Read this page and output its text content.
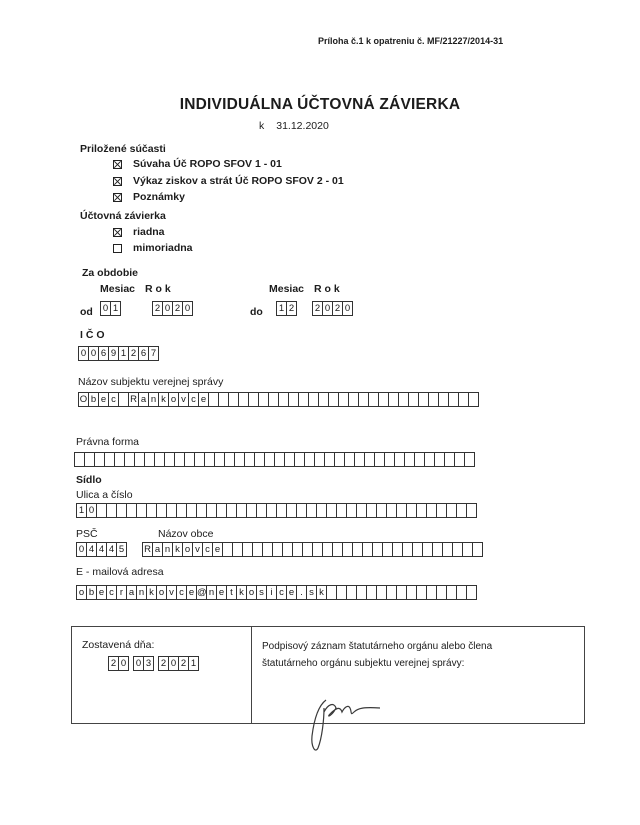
Príloha č.1 k opatreniu č. MF/21227/2014-31
INDIVIDUÁLNA ÚČTOVNÁ ZÁVIERKA
k 31.12.2020
Priložené súčasti
Súvaha Úč ROPO SFOV 1 - 01
Výkaz ziskov a strát Úč ROPO SFOV 2 - 01
Poznámky
Účtovná závierka
riadna
mimoriadna
Za obdobie
Mesiac R o k
od 0 1	2 0 2 0
Mesiac R o k
do 1 2	2 0 2 0
I Č O
0 0 6 9 1 2 6 7
Názov subjektu verejnej správy
O b e c	R a n k o v c e
Právna forma
Sídlo
Ulica a číslo
1 0
PSČ	Názov obce
0 4 4 4 5	R a n k o v c e
E - mailová adresa
o b e c r a n k o v c e @ n e t k o s i c e . s k
Zostavená dňa:
2 0	0 3	2 0 2 1
Podpisový záznam štatutárneho orgánu alebo člena
štatutárneho orgánu subjektu verejnej správy:
